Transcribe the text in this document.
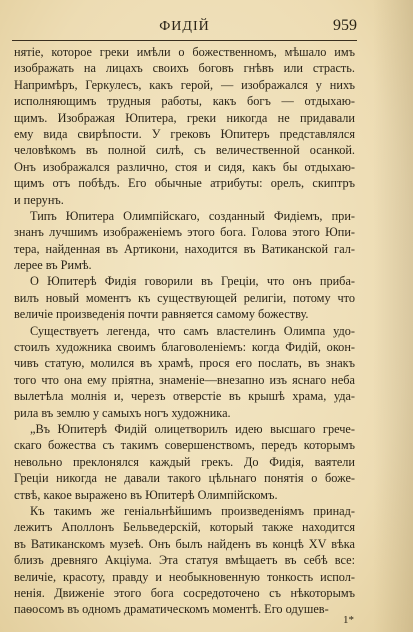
ФИДІЙ	959
нятіе, которое греки имѣли о божественномъ, мѣшало имъ
изображать на лицахъ своихъ боговъ гнѣвъ или страсть.
Напримѣръ, Геркулесъ, какъ герой, — изображался у нихъ
исполняющимъ трудныя работы, какъ богъ — отдыхаю-
щимъ. Изображая Юпитера, греки никогда не придавали
ему вида свирѣпости. У грековъ Юпитеръ представлялся
человѣкомъ въ полной силѣ, съ величественной осанкой.
Онъ изображался различно, стоя и сидя, какъ бы отдыхаю-
щимъ отъ побѣдъ. Его обычные атрибуты: орелъ, скиптръ
и перунъ.
Типъ Юпитера Олимпійскаго, созданный Фидіемъ, при-
знанъ лучшимъ изображеніемъ этого бога. Голова этого Юпи-
тера, найденная въ Артикони, находится въ Ватиканской гал-
лерее въ Римѣ.
О Юпитерѣ Фидія говорили въ Греціи, что онъ прибa-
вилъ новый моментъ къ существующей религіи, потому что
величіе произведенія почти равняется самому божеству.
Существуетъ легенда, что самъ властелинъ Олимпа удо-
стоилъ художника своимъ благоволеніемъ: когда Фидій, окон-
чивъ статую, молился въ храмѣ, прося его послать, въ знакъ
того что она ему пріятна, знаменіе—внезапно изъ яснаго неба
вылетѣла молнія и, черезъ отверстіе въ крышѣ храма, уда-
рила въ землю у самыхъ ногъ художника.
„Въ Юпитерѣ Фидій олицетворилъ идею высшаго грече-
скаго божества съ такимъ совершенствомъ, передъ которымъ
невольно преклонялся каждый грекъ. До Фидія, ваятели
Греціи никогда не давали такого цѣльнаго понятія о боже-
ствѣ, какое выражено въ Юпитерѣ Олимпійскомъ.
Къ такимъ же геніальнѣйшимъ произведеніямъ принад-
лежитъ Аполлонъ Бельведерскій, который также находится
въ Ватиканскомъ музеѣ. Онъ былъ найденъ въ концѣ XV вѣка
близъ древняго Акціума. Эта статуя вмѣщаетъ въ себѣ все:
величіе, красоту, правду и необыкновенную тонкость испол-
ненія. Движеніе этого бога сосредоточено съ нѣкоторымъ
паѳосомъ въ одномъ драматическомъ моментѣ. Его одушев-
1*
